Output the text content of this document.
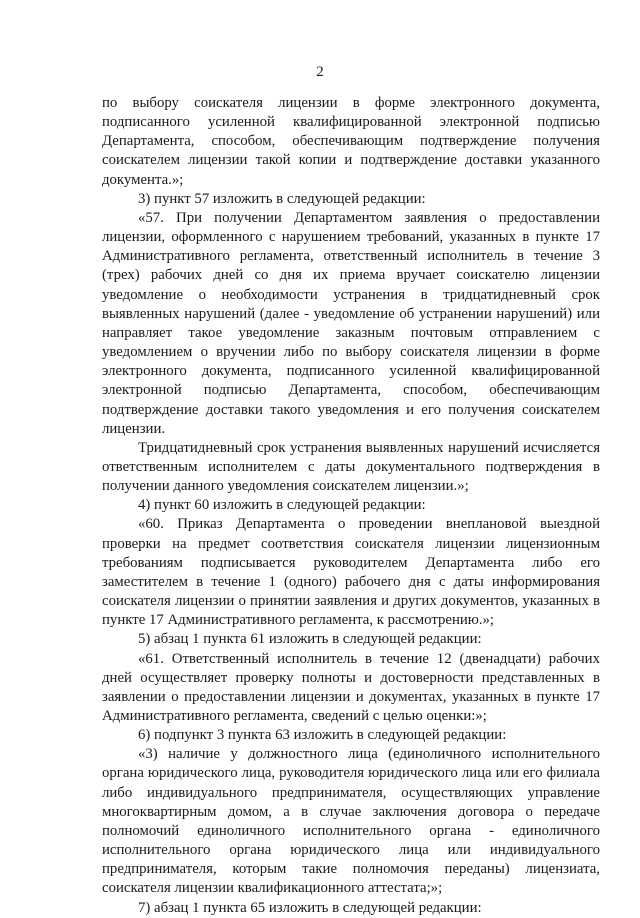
2

по выбору соискателя лицензии в форме электронного документа, подписанного усиленной квалифицированной электронной подписью Департамента, способом, обеспечивающим подтверждение получения соискателем лицензии такой копии и подтверждение доставки указанного документа.»;

3) пункт 57 изложить в следующей редакции:

«57. При получении Департаментом заявления о предоставлении лицензии, оформленного с нарушением требований, указанных в пункте 17 Административного регламента, ответственный исполнитель в течение 3 (трех) рабочих дней со дня их приема вручает соискателю лицензии уведомление о необходимости устранения в тридцатидневный срок выявленных нарушений (далее - уведомление об устранении нарушений) или направляет такое уведомление заказным почтовым отправлением с уведомлением о вручении либо по выбору соискателя лицензии в форме электронного документа, подписанного усиленной квалифицированной электронной подписью Департамента, способом, обеспечивающим подтверждение доставки такого уведомления и его получения соискателем лицензии.

Тридцатидневный срок устранения выявленных нарушений исчисляется ответственным исполнителем с даты документального подтверждения в получении данного уведомления соискателем лицензии.»;

4) пункт 60 изложить в следующей редакции:

«60. Приказ Департамента о проведении внеплановой выездной проверки на предмет соответствия соискателя лицензии лицензионным требованиям подписывается руководителем Департамента либо его заместителем в течение 1 (одного) рабочего дня с даты информирования соискателя лицензии о принятии заявления и других документов, указанных в пункте 17 Административного регламента, к рассмотрению.»;

5) абзац 1 пункта 61 изложить в следующей редакции:

«61. Ответственный исполнитель в течение 12 (двенадцати) рабочих дней осуществляет проверку полноты и достоверности представленных в заявлении о предоставлении лицензии и документах, указанных в пункте 17 Административного регламента, сведений с целью оценки:»;

6) подпункт 3 пункта 63 изложить в следующей редакции:

«3) наличие у должностного лица (единоличного исполнительного органа юридического лица, руководителя юридического лица или его филиала либо индивидуального предпринимателя, осуществляющих управление многоквартирным домом, а в случае заключения договора о передаче полномочий единоличного исполнительного органа - единоличного исполнительного органа юридического лица или индивидуального предпринимателя, которым такие полномочия переданы) лицензиата, соискателя лицензии квалификационного аттестата;»;

7) абзац 1 пункта 65 изложить в следующей редакции:
